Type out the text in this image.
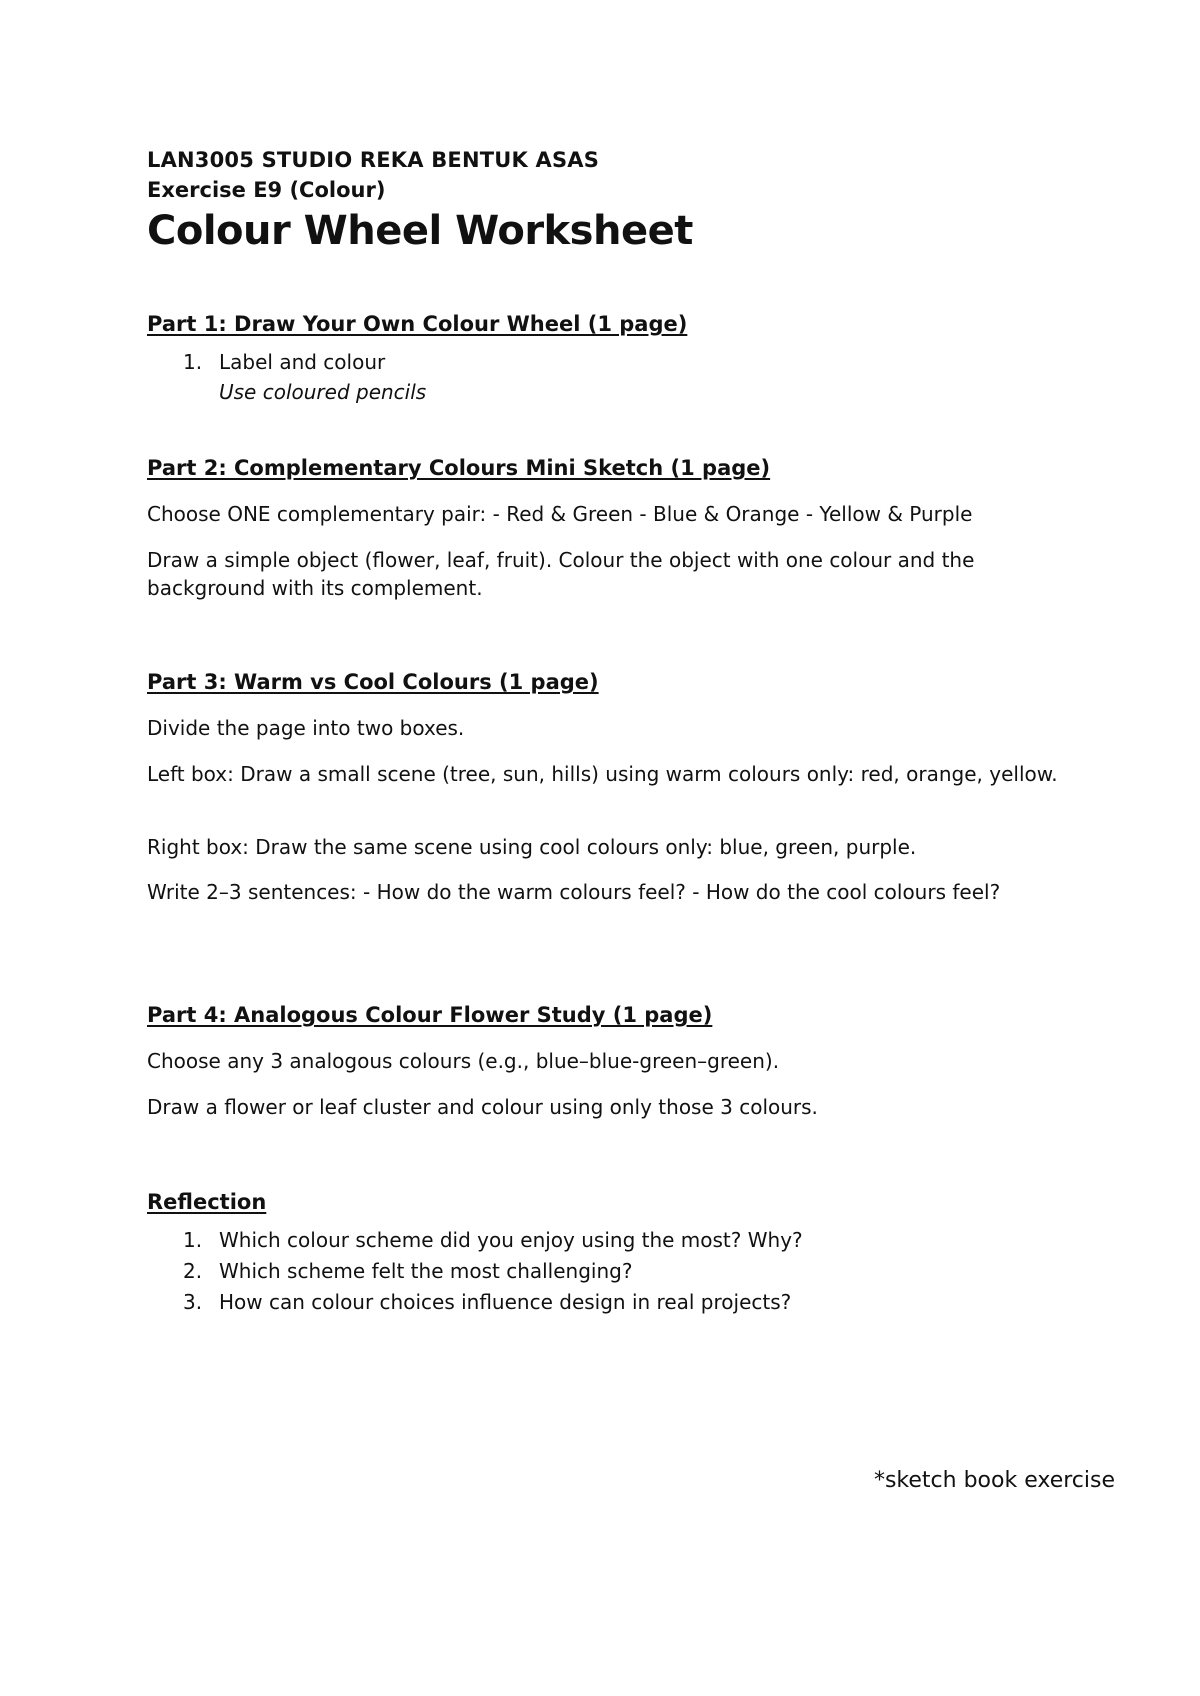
LAN3005 STUDIO REKA BENTUK ASAS
Exercise E9 (Colour)
Colour Wheel Worksheet
Part 1: Draw Your Own Colour Wheel (1 page)
1. Label and colour
Use coloured pencils
Part 2: Complementary Colours Mini Sketch (1 page)
Choose ONE complementary pair: - Red & Green - Blue & Orange - Yellow & Purple
Draw a simple object (flower, leaf, fruit). Colour the object with one colour and the background with its complement.
Part 3: Warm vs Cool Colours (1 page)
Divide the page into two boxes.
Left box: Draw a small scene (tree, sun, hills) using warm colours only: red, orange, yellow.
Right box: Draw the same scene using cool colours only: blue, green, purple.
Write 2–3 sentences: - How do the warm colours feel? - How do the cool colours feel?
Part 4: Analogous Colour Flower Study (1 page)
Choose any 3 analogous colours (e.g., blue–blue-green–green).
Draw a flower or leaf cluster and colour using only those 3 colours.
Reflection
1. Which colour scheme did you enjoy using the most? Why?
2. Which scheme felt the most challenging?
3. How can colour choices influence design in real projects?
*sketch book exercise
